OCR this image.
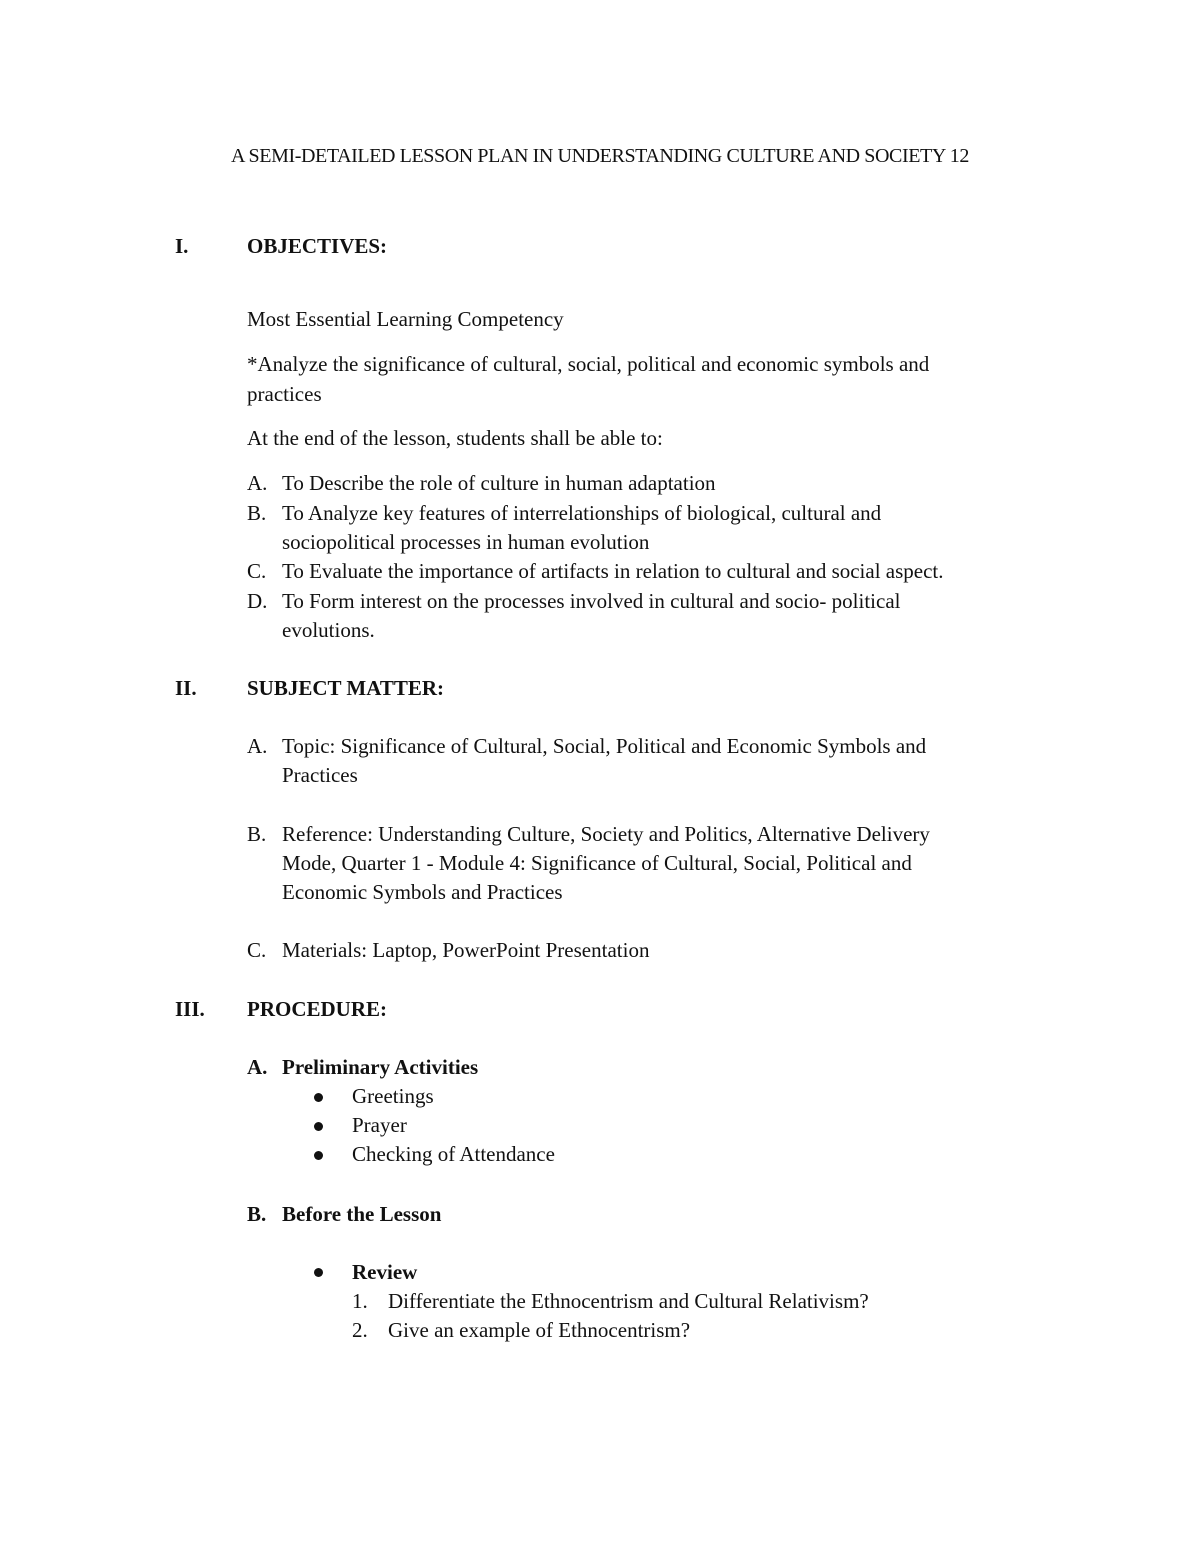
A SEMI-DETAILED LESSON PLAN IN UNDERSTANDING CULTURE AND SOCIETY 12
I.	OBJECTIVES:
Most Essential Learning Competency
*Analyze the significance of cultural, social, political and economic symbols and
practices
At the end of the lesson, students shall be able to:
A. To Describe the role of culture in human adaptation
B. To Analyze key features of interrelationships of biological, cultural and
sociopolitical processes in human evolution
C. To Evaluate the importance of artifacts in relation to cultural and social aspect.
D. To Form interest on the processes involved in cultural and socio- political
evolutions.
II. SUBJECT MATTER:
A. Topic: Significance of Cultural, Social, Political and Economic Symbols and
Practices
B. Reference: Understanding Culture, Society and Politics, Alternative Delivery
Mode, Quarter 1 - Module 4: Significance of Cultural, Social, Political and
Economic Symbols and Practices
C. Materials: Laptop, PowerPoint Presentation
III. PROCEDURE:
A. Preliminary Activities
Greetings
Prayer
Checking of Attendance
B. Before the Lesson
Review
1. Differentiate the Ethnocentrism and Cultural Relativism?
2. Give an example of Ethnocentrism?
